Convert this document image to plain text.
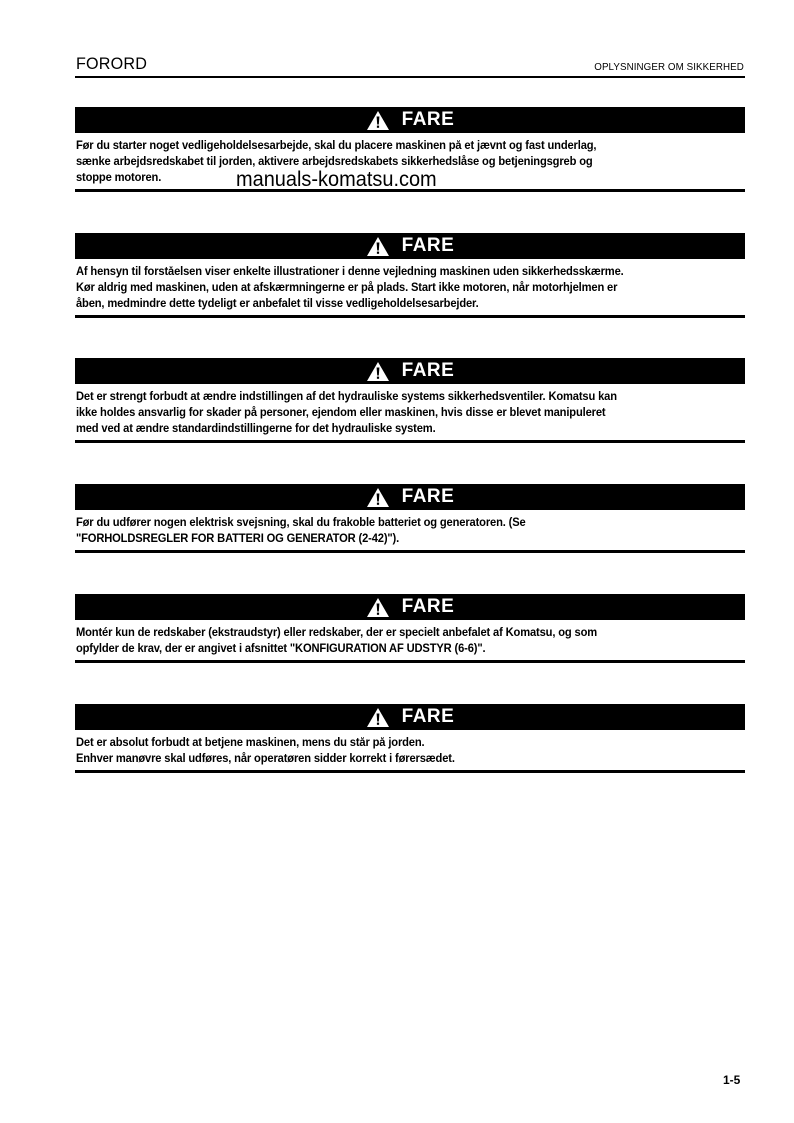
FORORD	OPLYSNINGER OM SIKKERHED
FARE

Før du starter noget vedligeholdelsesarbejde, skal du placere maskinen på et jævnt og fast underlag,

sænke arbejdsredskabet til jorden, aktivere arbejdsredskabets sikkerhedslåse og betjeningsgreb og

stoppe motoren.

FARE

Af hensyn til forståelsen viser enkelte illustrationer i denne vejledning maskinen uden sikkerhedsskærme.

Kør aldrig med maskinen, uden at afskærmningerne er på plads. Start ikke motoren, når motorhjelmen er

åben, medmindre dette tydeligt er anbefalet til visse vedligeholdelsesarbejder.

FARE

Det er strengt forbudt at ændre indstillingen af det hydrauliske systems sikkerhedsventiler. Komatsu kan

ikke holdes ansvarlig for skader på personer, ejendom eller maskinen, hvis disse er blevet manipuleret

med ved at ændre standardindstillingerne for det hydrauliske system.

FARE

Før du udfører nogen elektrisk svejsning, skal du frakoble batteriet og generatoren. (Se

"FORHOLDSREGLER FOR BATTERI OG GENERATOR (2-42)").

FARE

Montér kun de redskaber (ekstraudstyr) eller redskaber, der er specielt anbefalet af Komatsu, og som

opfylder de krav, der er angivet i afsnittet "KONFIGURATION AF UDSTYR (6-6)".

FARE

Det er absolut forbudt at betjene maskinen, mens du står på jorden.

Enhver manøvre skal udføres, når operatøren sidder korrekt i førersædet.

manuals-komatsu.com
1-5
